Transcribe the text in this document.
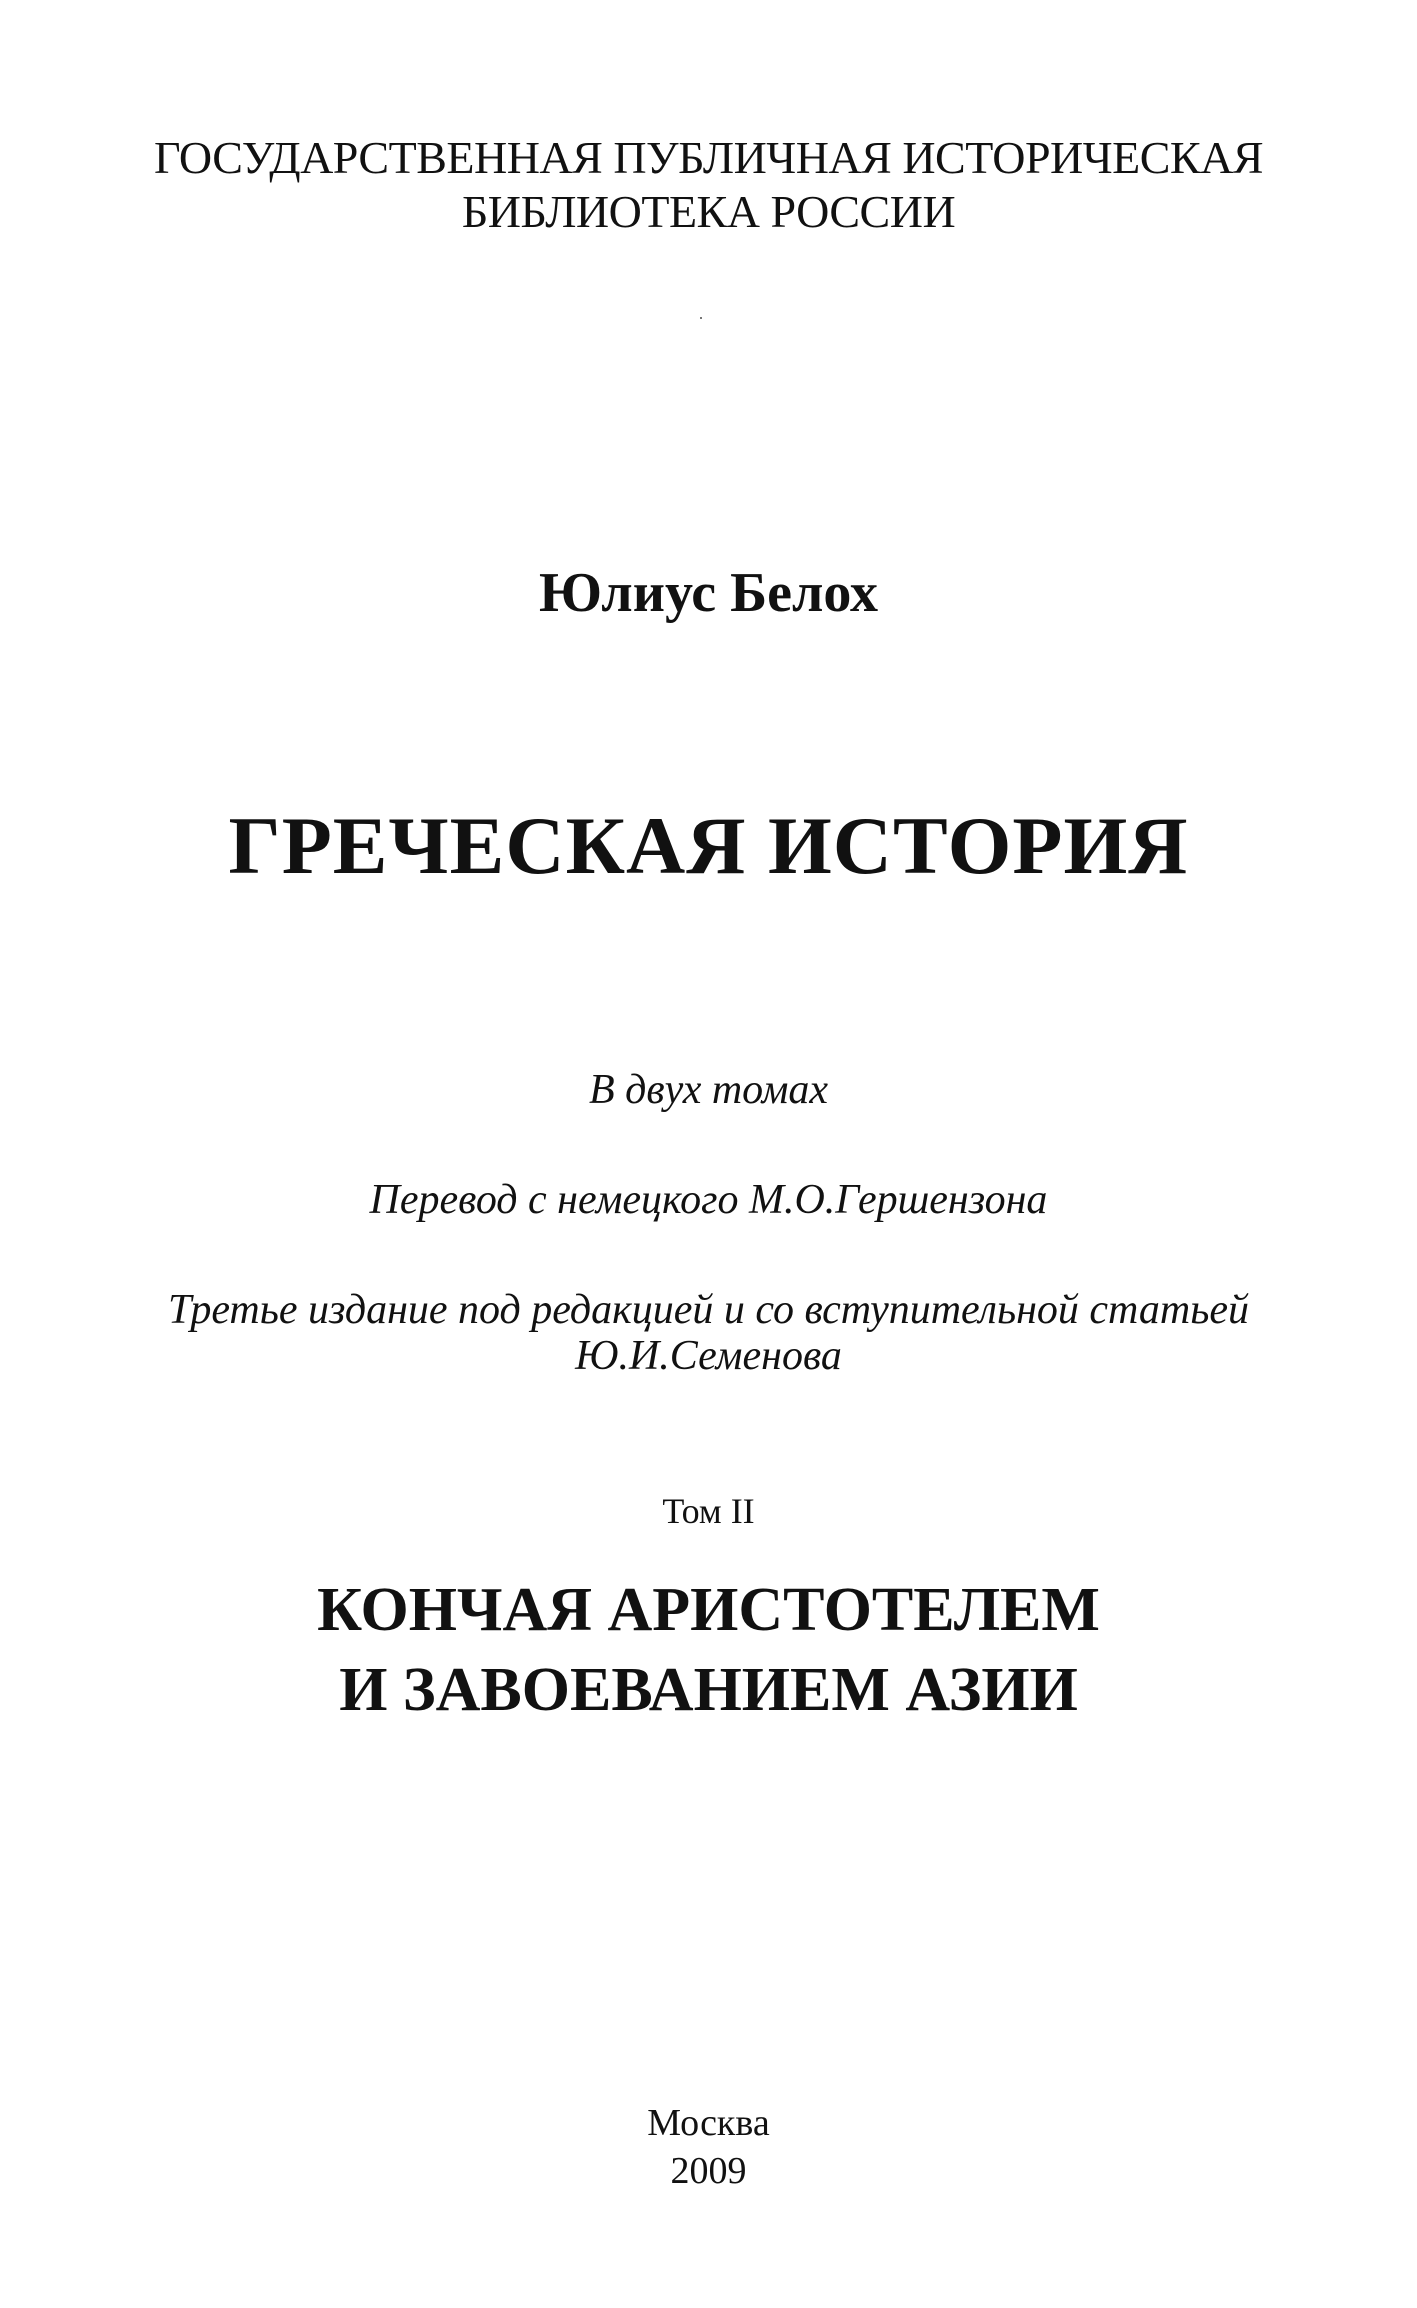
ГОСУДАРСТВЕННАЯ ПУБЛИЧНАЯ ИСТОРИЧЕСКАЯ

БИБЛИОТЕКА РОССИИ

Юлиус Белох

ГРЕЧЕСКАЯ ИСТОРИЯ

В двух томах

Перевод с немецкого М.О.Гершензона

Третье издание под редакцией и со вступительной статьей

Ю.И.Семенова

Том II

КОНЧАЯ АРИСТОТЕЛЕМ

И ЗАВОЕВАНИЕМ АЗИИ

Москва

2009
